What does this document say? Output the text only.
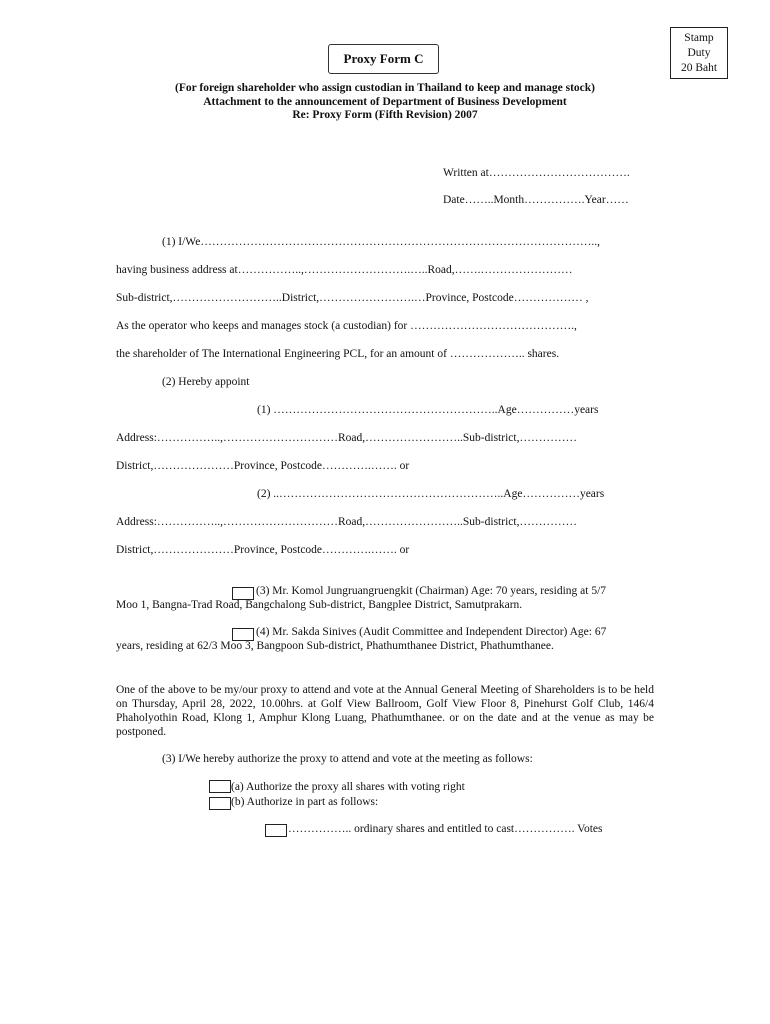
Stamp
Duty
20 Baht
Proxy Form C
(For foreign shareholder who assign custodian in Thailand to keep and manage stock)
Attachment to the announcement of Department of Business Development
Re: Proxy Form (Fifth Revision) 2007
Written at……………………………….
Date……..Month…………….Year……
(1) I/We…………………………………………………………………………………………..,
having business address at……………..,……………………….…..Road,…….……………………
Sub-district,………………………..District,…………………….…Province, Postcode……………… ,
As the operator who keeps and manages stock (a custodian) for …………………………………….,
the shareholder of The International Engineering PCL, for an amount of ……………….. shares.
(2) Hereby appoint
(1) …………………………………………………..Age……………years
Address:……………..,…………………………Road,……………………..Sub-district,……………
District,…………………Province, Postcode………….……. or
(2) ..…………………………………………………..Age……………years
Address:……………..,…………………………Road,……………………..Sub-district,……………
District,…………………Province, Postcode………….……. or
(3) Mr. Komol Jungruangruengkit (Chairman) Age: 70 years, residing at 5/7
Moo 1, Bangna-Trad Road, Bangchalong Sub-district, Bangplee District, Samutprakarn.
(4) Mr. Sakda Sinives (Audit Committee and Independent Director) Age: 67
years, residing at 62/3 Moo 3, Bangpoon Sub-district, Phathumthanee District, Phathumthanee.
One of the above to be my/our proxy to attend and vote at the Annual General Meeting of Shareholders is to be held on Thursday, April 28, 2022, 10.00hrs. at Golf View Ballroom, Golf View Floor 8, Pinehurst Golf Club, 146/4 Phaholyothin Road, Klong 1, Amphur Klong Luang, Phathumthanee. or on the date and at the venue as may be postponed.
(3) I/We hereby authorize the proxy to attend and vote at the meeting as follows:
(a) Authorize the proxy all shares with voting right
(b) Authorize in part as follows:
…………….. ordinary shares and entitled to cast……………. Votes
